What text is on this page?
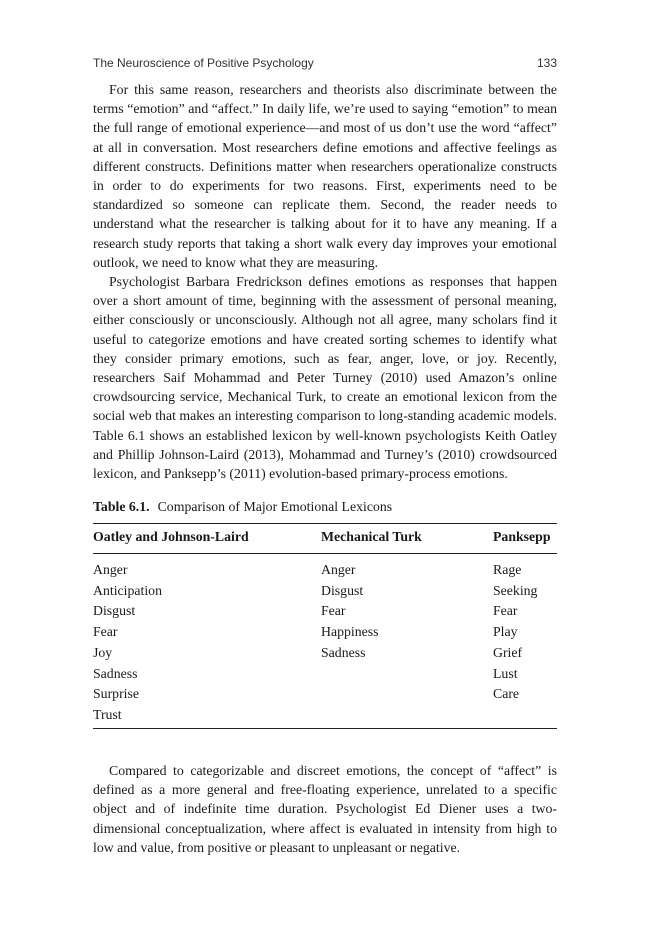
The Neuroscience of Positive Psychology	133

For this same reason, researchers and theorists also discriminate between the terms “emotion” and “affect.” In daily life, we’re used to saying “emotion” to mean the full range of emotional experience—and most of us don’t use the word “affect” at all in conversation. Most researchers define emotions and affective feelings as different constructs. Definitions matter when researchers operationalize constructs in order to do experiments for two reasons. First, experiments need to be standardized so someone can replicate them. Second, the reader needs to understand what the researcher is talking about for it to have any meaning. If a research study reports that taking a short walk every day improves your emotional outlook, we need to know what they are measuring.

Psychologist Barbara Fredrickson defines emotions as responses that happen over a short amount of time, beginning with the assessment of personal meaning, either consciously or unconsciously. Although not all agree, many scholars find it useful to categorize emotions and have created sorting schemes to identify what they consider primary emotions, such as fear, anger, love, or joy. Recently, researchers Saif Mohammad and Peter Turney (2010) used Amazon’s online crowdsourcing service, Mechanical Turk, to create an emotional lexicon from the social web that makes an interesting comparison to long-standing academic models. Table 6.1 shows an established lexicon by well-known psychologists Keith Oatley and Phillip Johnson-Laird (2013), Mohammad and Turney’s (2010) crowdsourced lexicon, and Panksepp’s (2011) evolution-based primary-process emotions.

Table 6.1. Comparison of Major Emotional Lexicons

Oatley and Johnson-Laird	Mechanical Turk	Panksepp
Anger	Anger	Rage
Anticipation	Disgust	Seeking
Disgust	Fear	Fear
Fear	Happiness	Play
Joy	Sadness	Grief
Sadness		Lust
Surprise		Care
Trust		

Compared to categorizable and discreet emotions, the concept of “affect” is defined as a more general and free-floating experience, unrelated to a specific object and of indefinite time duration. Psychologist Ed Diener uses a two-dimensional conceptualization, where affect is evaluated in intensity from high to low and value, from positive or pleasant to unpleasant or negative.
